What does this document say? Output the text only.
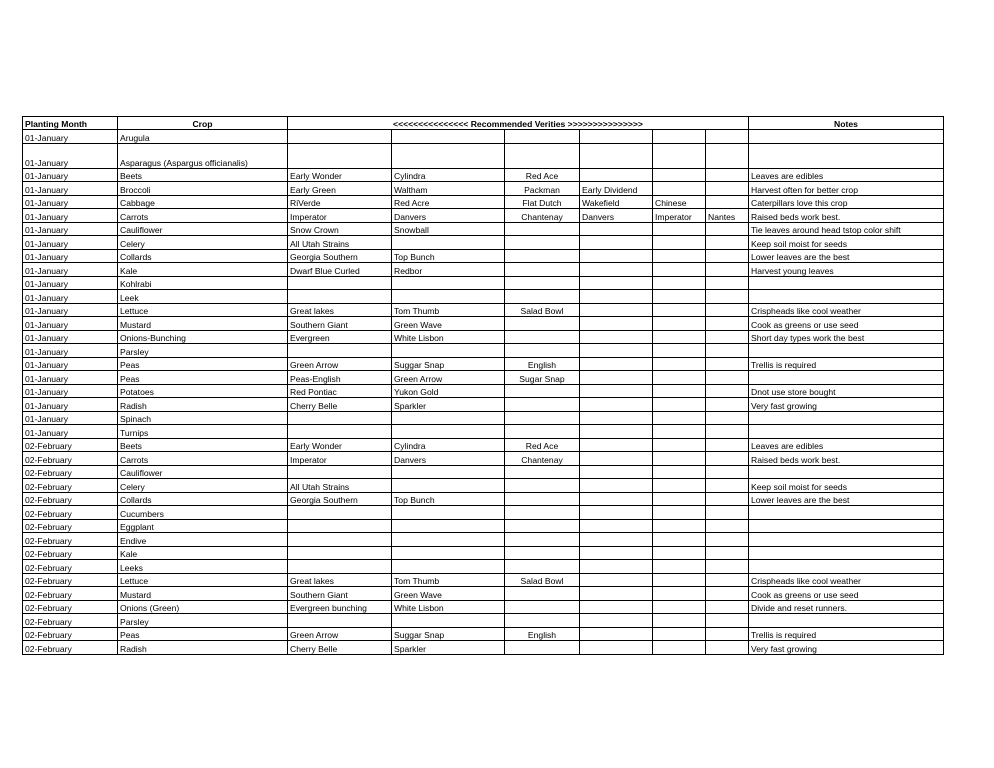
Planting Month	Crop	<<<<<<<<<<<<<<< Recommended Verities >>>>>>>>>>>>>>>						Notes
01-January	Arugula							
01-January	Asparagus (Aspargus officianalis)							
01-January	Beets	Early Wonder	Cylindra	Red Ace				Leaves are edibles
01-January	Broccoli	Early Green	Waltham	Packman	Early Dividend			Harvest often for better crop
01-January	Cabbage	RiVerde	Red Acre	Flat Dutch	Wakefield	Chinese		Caterpillars love this crop
01-January	Carrots	Imperator	Danvers	Chantenay	Danvers	Imperator	Nantes	Raised beds work best.
01-January	Cauliflower	Snow Crown	Snowball					Tie leaves around head tstop color shift
01-January	Celery	All Utah Strains						Keep soil moist for seeds
01-January	Collards	Georgia Southern	Top Bunch					Lower leaves are the best
01-January	Kale	Dwarf Blue Curled	Redbor					Harvest young leaves
01-January	Kohlrabi							
01-January	Leek							
01-January	Lettuce	Great lakes	Tom Thumb	Salad Bowl				Crispheads like cool weather
01-January	Mustard	Southern Giant	Green Wave					Cook as greens or use seed
01-January	Onions-Bunching	Evergreen	White Lisbon					Short day types work the best
01-January	Parsley							
01-January	Peas	Green Arrow	Suggar Snap	English				Trellis is required
01-January	Peas	Peas-English	Green Arrow	Sugar Snap				
01-January	Potatoes	Red Pontiac	Yukon Gold					Dnot use store bought
01-January	Radish	Cherry Belle	Sparkler					Very fast growing
01-January	Spinach							
01-January	Turnips							
02-February	Beets	Early Wonder	Cylindra	Red Ace				Leaves are edibles
02-February	Carrots	Imperator	Danvers	Chantenay				Raised beds work best.
02-February	Cauliflower							
02-February	Celery	All Utah Strains						Keep soil moist for seeds
02-February	Collards	Georgia Southern	Top Bunch					Lower leaves are the best
02-February	Cucumbers							
02-February	Eggplant							
02-February	Endive							
02-February	Kale							
02-February	Leeks							
02-February	Lettuce	Great lakes	Tom Thumb	Salad Bowl				Crispheads like cool weather
02-February	Mustard	Southern Giant	Green Wave					Cook as greens or use seed
02-February	Onions (Green)	Evergreen bunching	White Lisbon					Divide and reset runners.
02-February	Parsley							
02-February	Peas	Green Arrow	Suggar Snap	English				Trellis is required
02-February	Radish	Cherry Belle	Sparkler					Very fast growing
